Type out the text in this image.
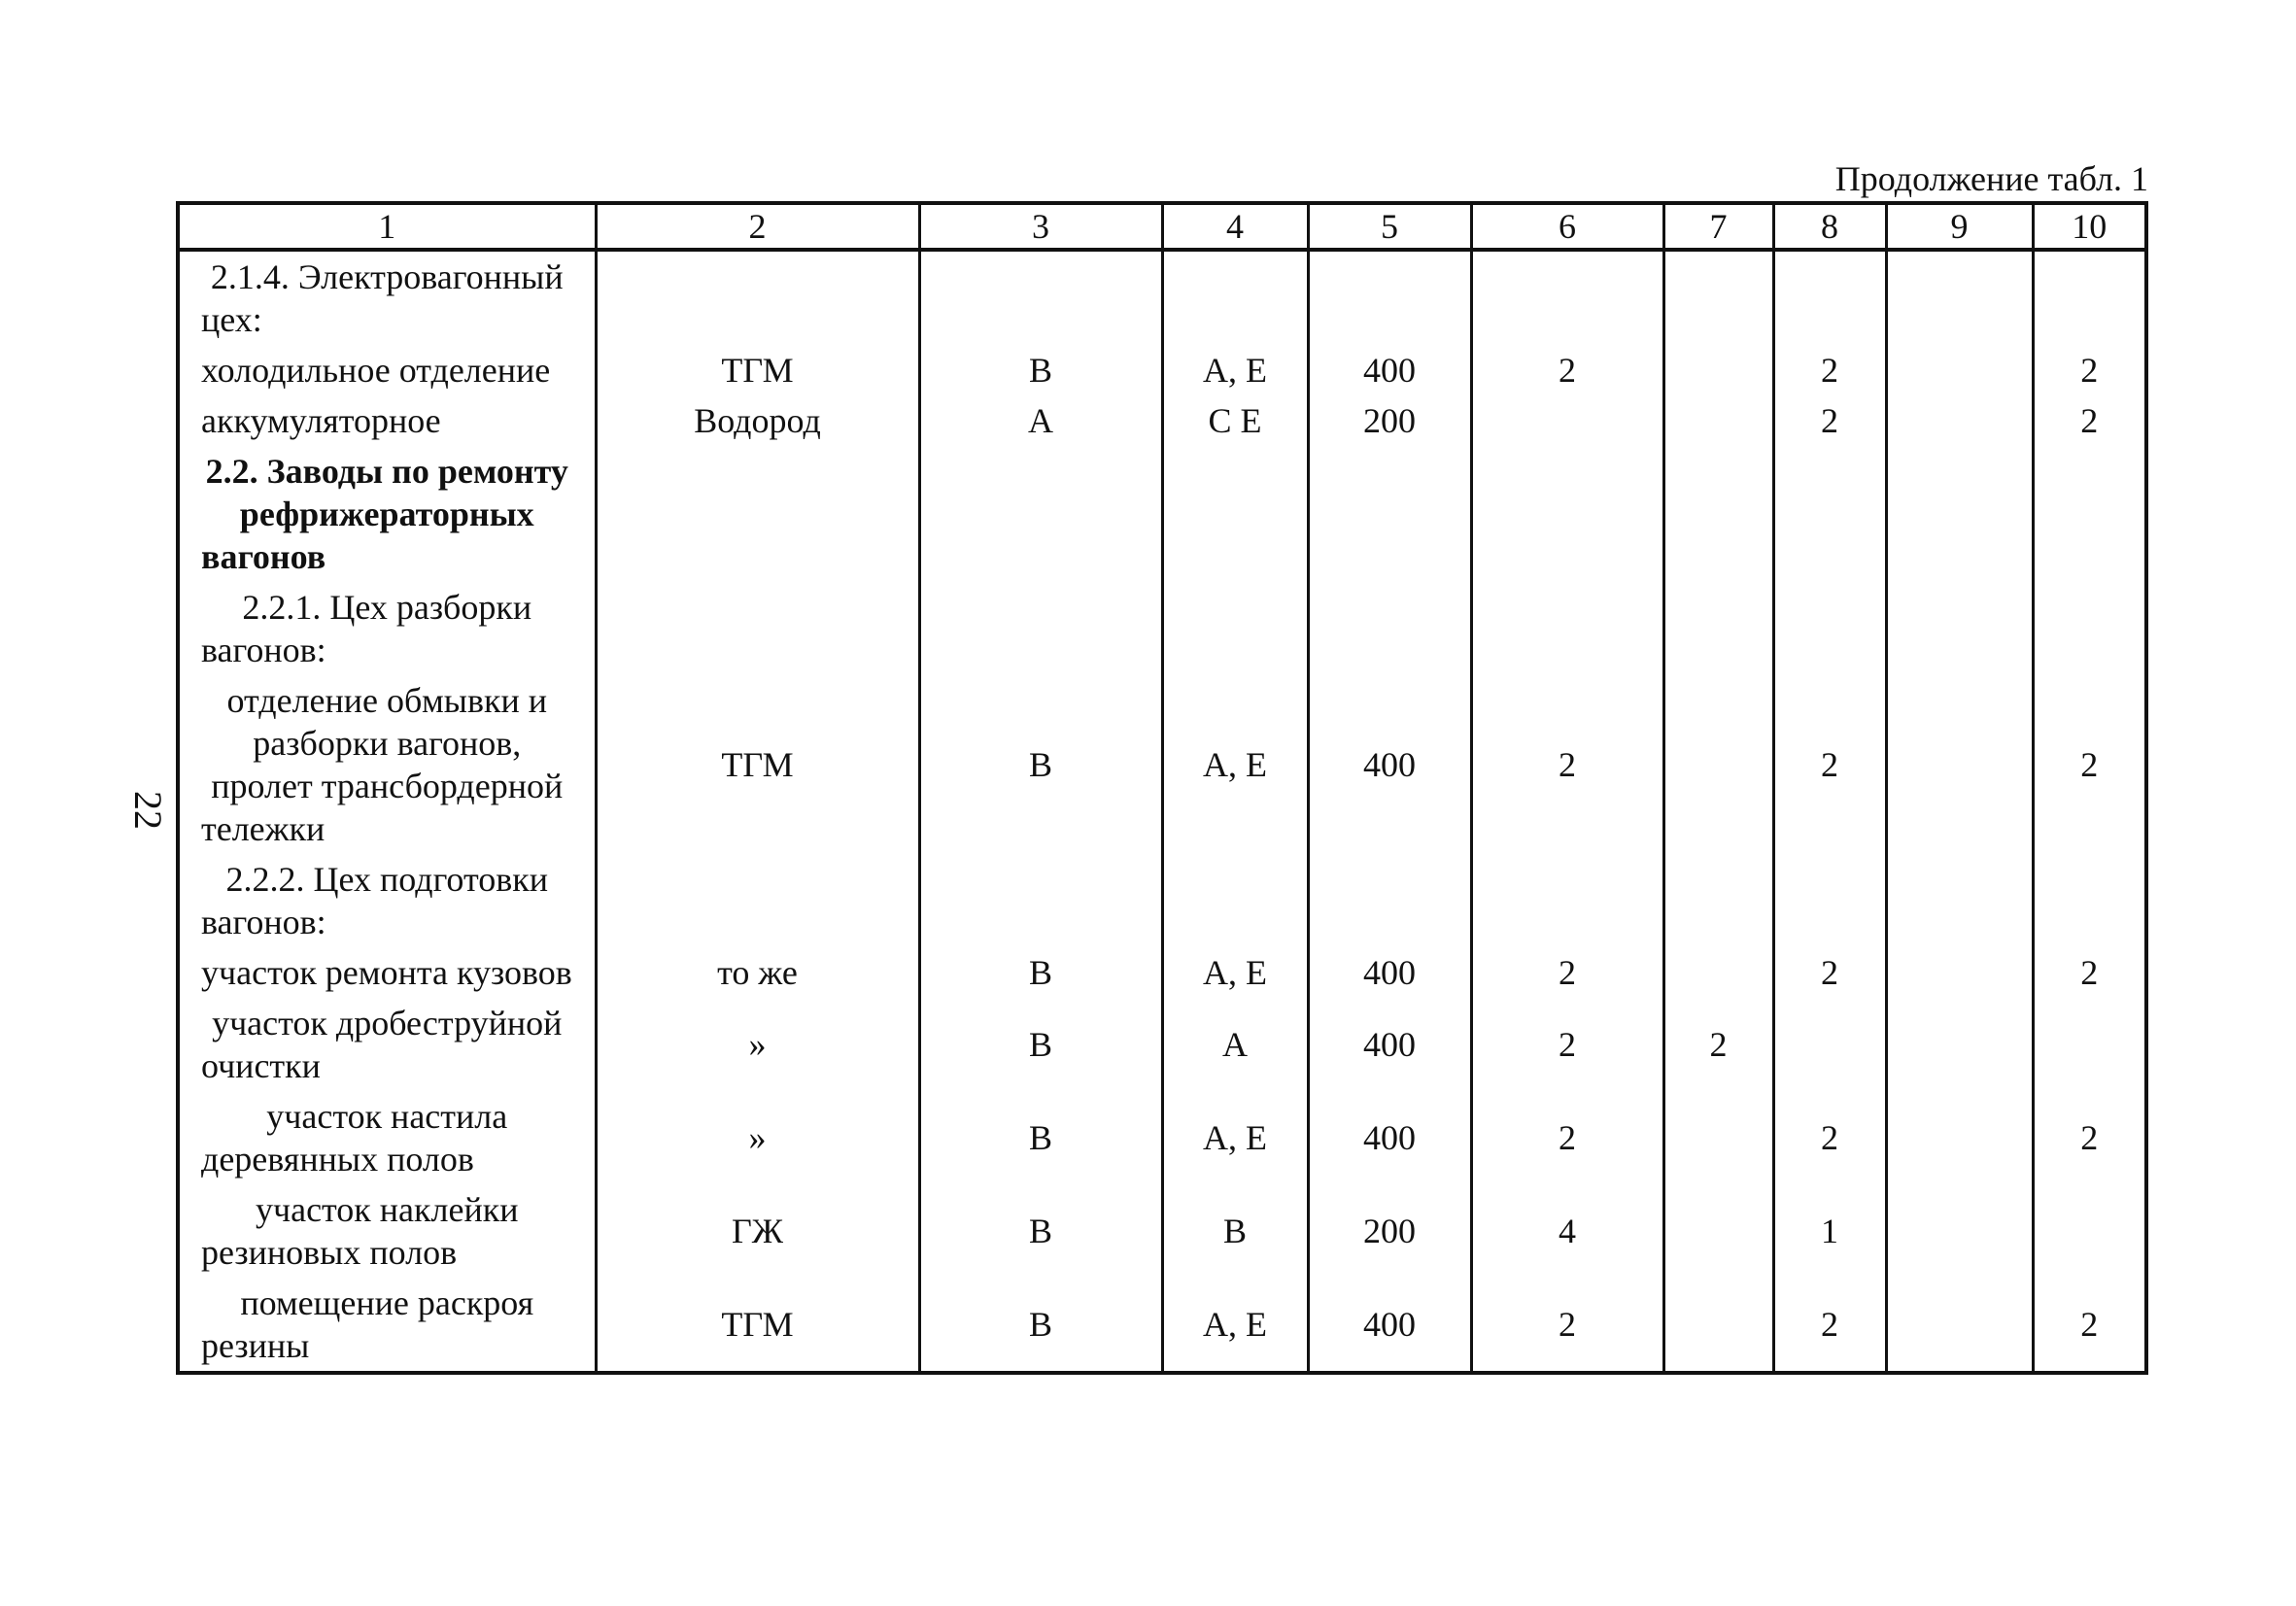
Продолжение табл. 1
22
1	2	3	4	5	6	7	8	9	10
2.1.4. Электровагонный цех:									
холодильное отделение	ТГМ	В	А, Е	400	2		2		2
аккумуляторное	Водород	А	С Е	200			2		2
2.2. Заводы по ремонту рефрижераторных вагонов									
2.2.1. Цех разборки вагонов:									
отделение обмывки и разборки вагонов, пролет трансбордерной тележки	ТГМ	В	А, Е	400	2		2		2
2.2.2. Цех подготовки вагонов:									
участок ремонта кузовов	то же	В	А, Е	400	2		2		2
участок дробеструйной очистки	»	В	А	400	2	2			
участок настила деревянных полов	»	В	А, Е	400	2		2		2
участок наклейки резиновых полов	ГЖ	В	В	200	4		1		
помещение раскроя резины	ТГМ	В	А, Е	400	2		2		2
